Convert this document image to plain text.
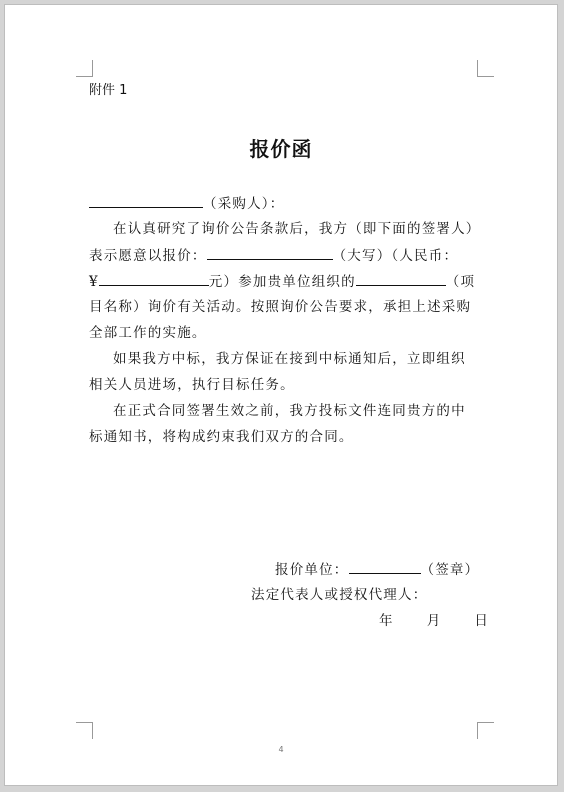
附件 1
报价函
（采购人）：
在认真研究了询价公告条款后，我方（即下面的签署人）
表示愿意以报价：	（大写）（人民币：
¥	元）参加贵单位组织的	（项
目名称）询价有关活动。按照询价公告要求，承担上述采购
全部工作的实施。
如果我方中标，我方保证在接到中标通知后，立即组织
相关人员进场，执行目标任务。
在正式合同签署生效之前，我方投标文件连同贵方的中
标通知书，将构成约束我们双方的合同。
报价单位：	（签章）
法定代表人或授权代理人：
年 月 日
4
